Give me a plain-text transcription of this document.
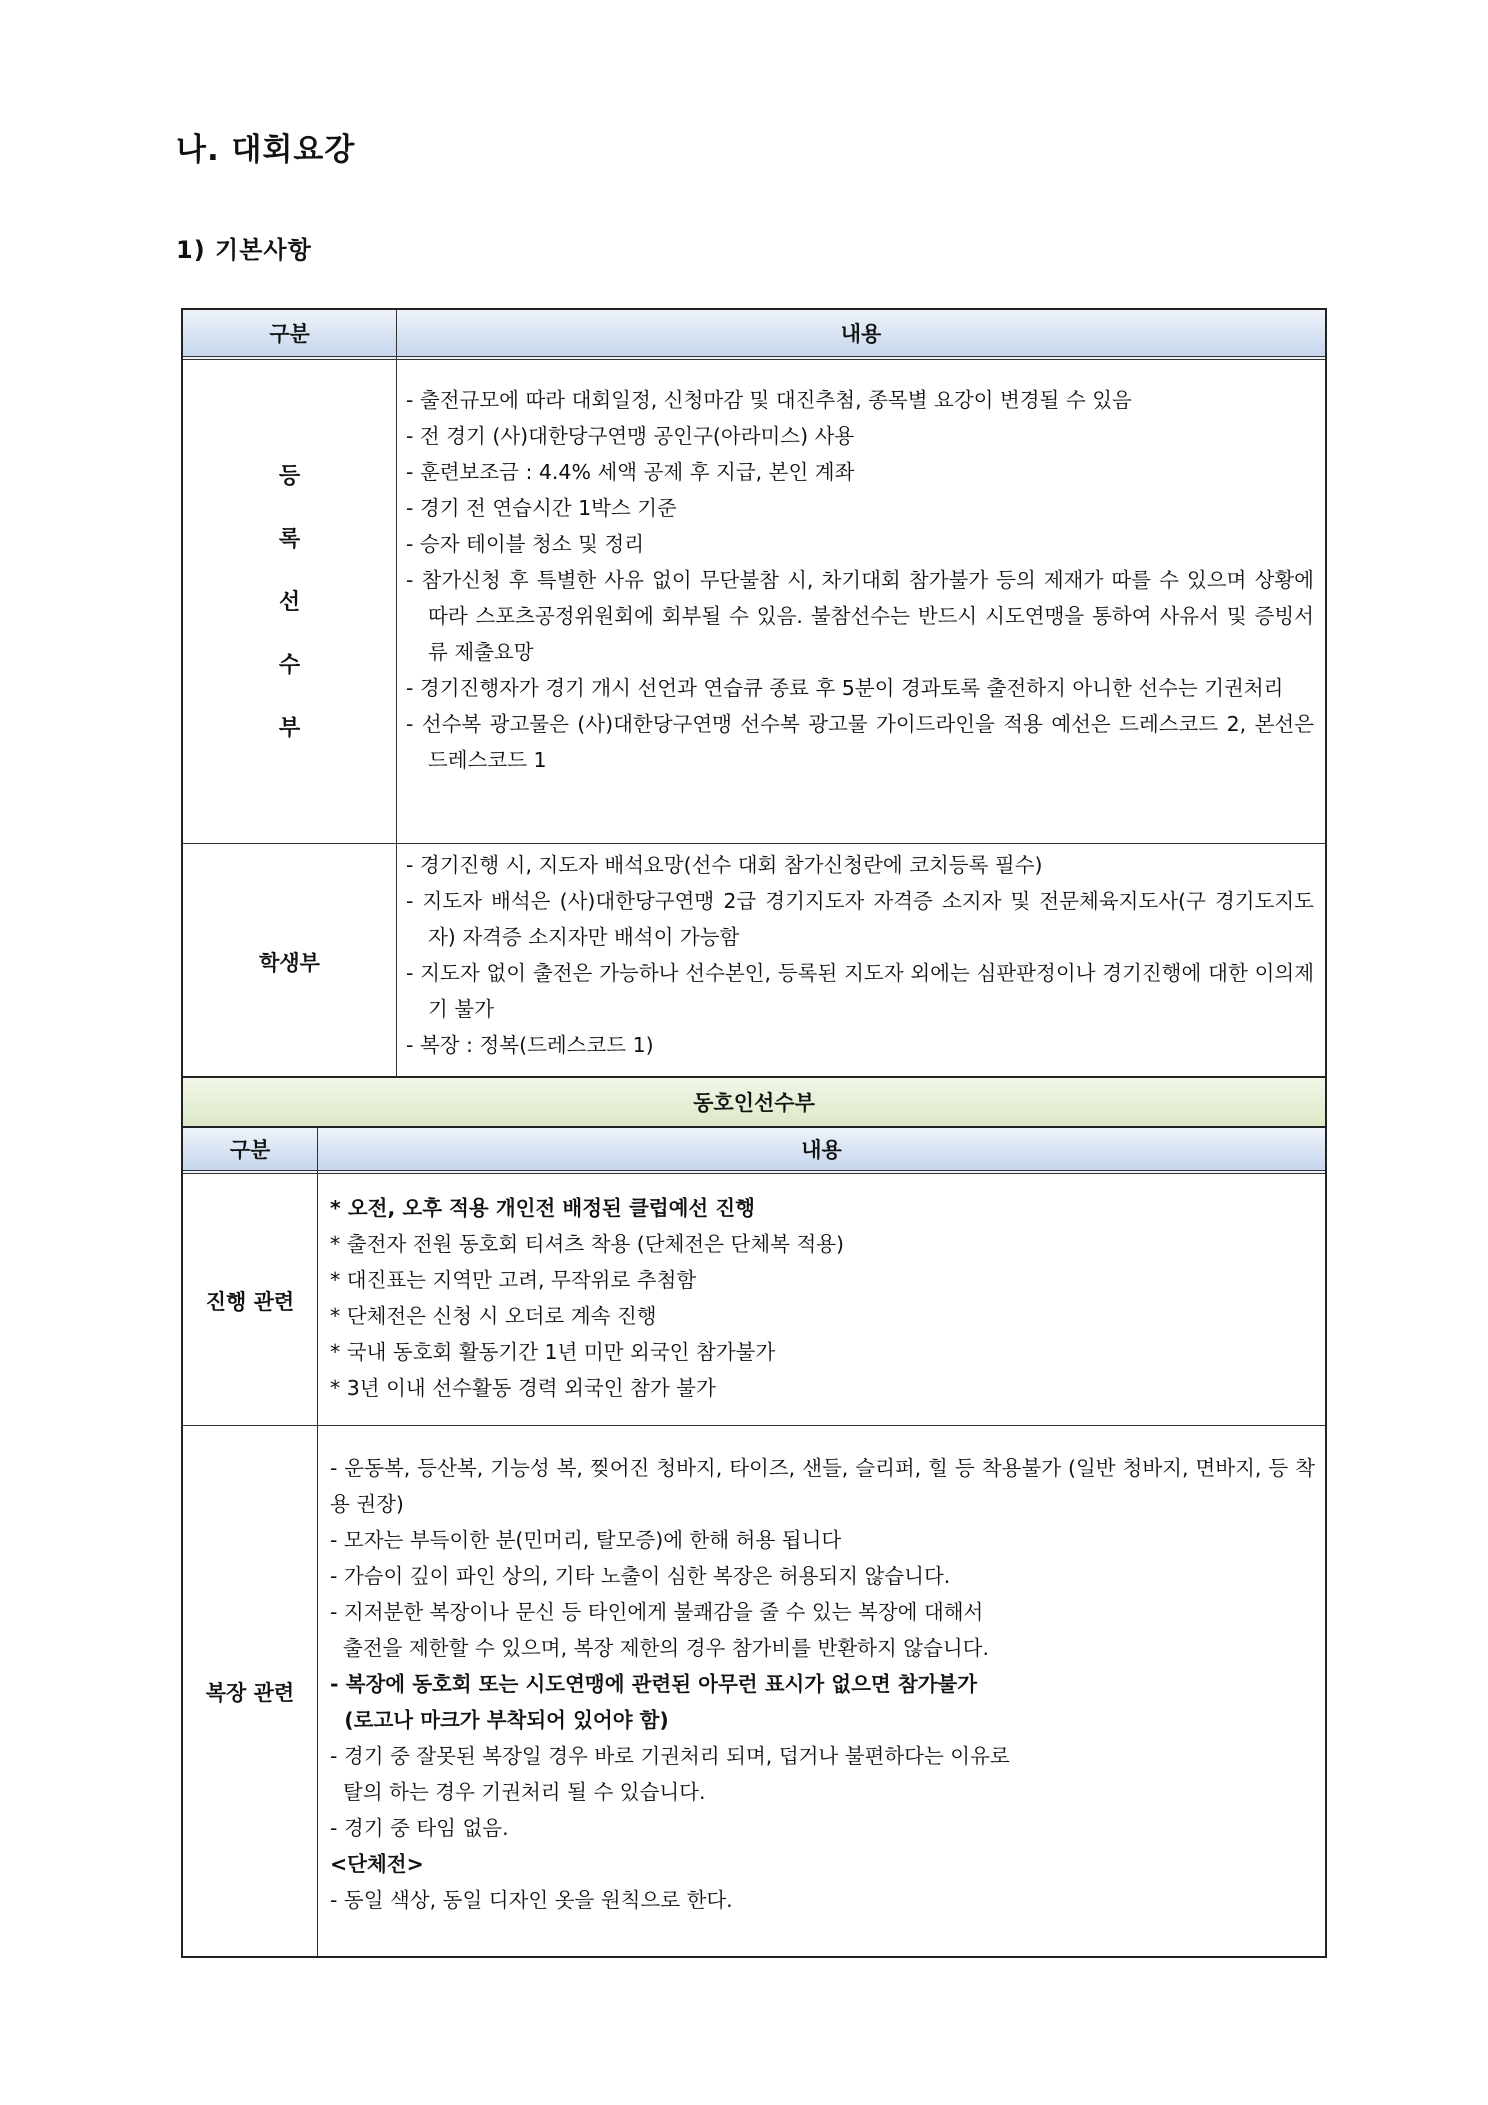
나. 대회요강
1) 기본사항
구분	내용
등
록
선
수
부
- 출전규모에 따라 대회일정, 신청마감 및 대진추첨, 종목별 요강이 변경될 수 있음
- 전 경기 (사)대한당구연맹 공인구(아라미스) 사용
- 훈련보조금 : 4.4% 세액 공제 후 지급, 본인 계좌
- 경기 전 연습시간 1박스 기준
- 승자 테이블 청소 및 정리
- 참가신청 후 특별한 사유 없이 무단불참 시, 차기대회 참가불가 등의 제재가 따를 수 있으며 상황에 따라 스포츠공정위원회에 회부될 수 있음. 불참선수는 반드시 시도연맹을 통하여 사유서 및 증빙서류 제출요망
- 경기진행자가 경기 개시 선언과 연습큐 종료 후 5분이 경과토록 출전하지 아니한 선수는 기권처리
- 선수복 광고물은 (사)대한당구연맹 선수복 광고물 가이드라인을 적용 예선은 드레스코드 2, 본선은 드레스코드 1
학생부
- 경기진행 시, 지도자 배석요망(선수 대회 참가신청란에 코치등록 필수)
- 지도자 배석은 (사)대한당구연맹 2급 경기지도자 자격증 소지자 및 전문체육지도사(구 경기도지도자) 자격증 소지자만 배석이 가능함
- 지도자 없이 출전은 가능하나 선수본인, 등록된 지도자 외에는 심판판정이나 경기진행에 대한 이의제기 불가
- 복장 : 정복(드레스코드 1)
동호인선수부
구분	내용
진행 관련
* 오전, 오후 적용 개인전 배정된 클럽예선 진행
* 출전자 전원 동호회 티셔츠 착용 (단체전은 단체복 적용)
* 대진표는 지역만 고려, 무작위로 추첨함
* 단체전은 신청 시 오더로 계속 진행
* 국내 동호회 활동기간 1년 미만 외국인 참가불가
* 3년 이내 선수활동 경력 외국인 참가 불가
복장 관련
- 운동복, 등산복, 기능성 복, 찢어진 청바지, 타이즈, 샌들, 슬리퍼, 힐 등 착용불가 (일반 청바지, 면바지, 등 착용 권장)
- 모자는 부득이한 분(민머리, 탈모증)에 한해 허용 됩니다
- 가슴이 깊이 파인 상의, 기타 노출이 심한 복장은 허용되지 않습니다.
- 지저분한 복장이나 문신 등 타인에게 불쾌감을 줄 수 있는 복장에 대해서
출전을 제한할 수 있으며, 복장 제한의 경우 참가비를 반환하지 않습니다.
- 복장에 동호회 또는 시도연맹에 관련된 아무런 표시가 없으면 참가불가
(로고나 마크가 부착되어 있어야 함)
- 경기 중 잘못된 복장일 경우 바로 기권처리 되며, 덥거나 불편하다는 이유로
탈의 하는 경우 기권처리 될 수 있습니다.
- 경기 중 타임 없음.
<단체전>
- 동일 색상, 동일 디자인 옷을 원칙으로 한다.
